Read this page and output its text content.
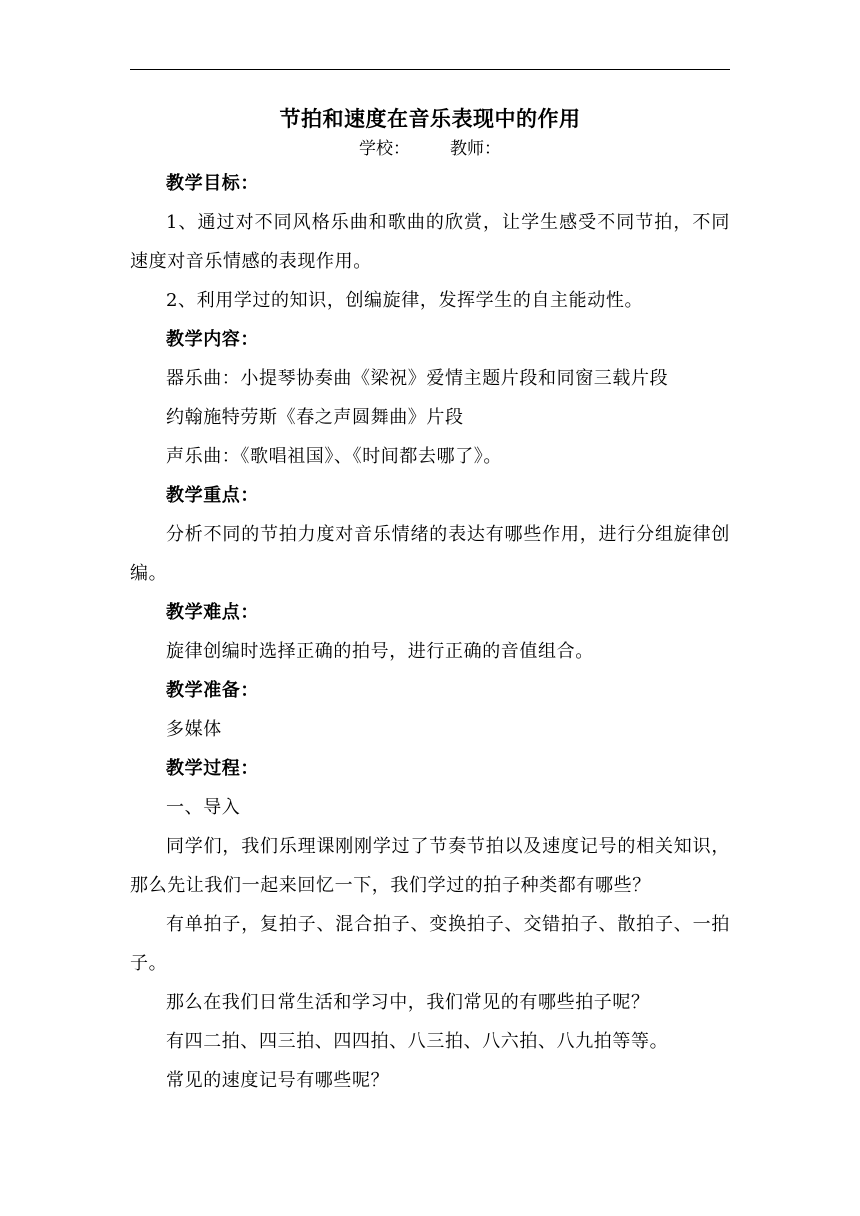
节拍和速度在音乐表现中的作用
学校： 教师：

教学目标：

1、通过对不同风格乐曲和歌曲的欣赏，让学生感受不同节拍，不同速度对音乐情感的表现作用。

2、利用学过的知识，创编旋律，发挥学生的自主能动性。

教学内容：

器乐曲：小提琴协奏曲《梁祝》爱情主题片段和同窗三载片段

约翰施特劳斯《春之声圆舞曲》片段

声乐曲：《歌唱祖国》、《时间都去哪了》。

教学重点：

分析不同的节拍力度对音乐情绪的表达有哪些作用，进行分组旋律创编。

教学难点：

旋律创编时选择正确的拍号，进行正确的音值组合。

教学准备：

多媒体

教学过程：

一、导入

同学们，我们乐理课刚刚学过了节奏节拍以及速度记号的相关知识，那么先让我们一起来回忆一下，我们学过的拍子种类都有哪些？

有单拍子，复拍子、混合拍子、变换拍子、交错拍子、散拍子、一拍子。

那么在我们日常生活和学习中，我们常见的有哪些拍子呢？

有四二拍、四三拍、四四拍、八三拍、八六拍、八九拍等等。

常见的速度记号有哪些呢？
